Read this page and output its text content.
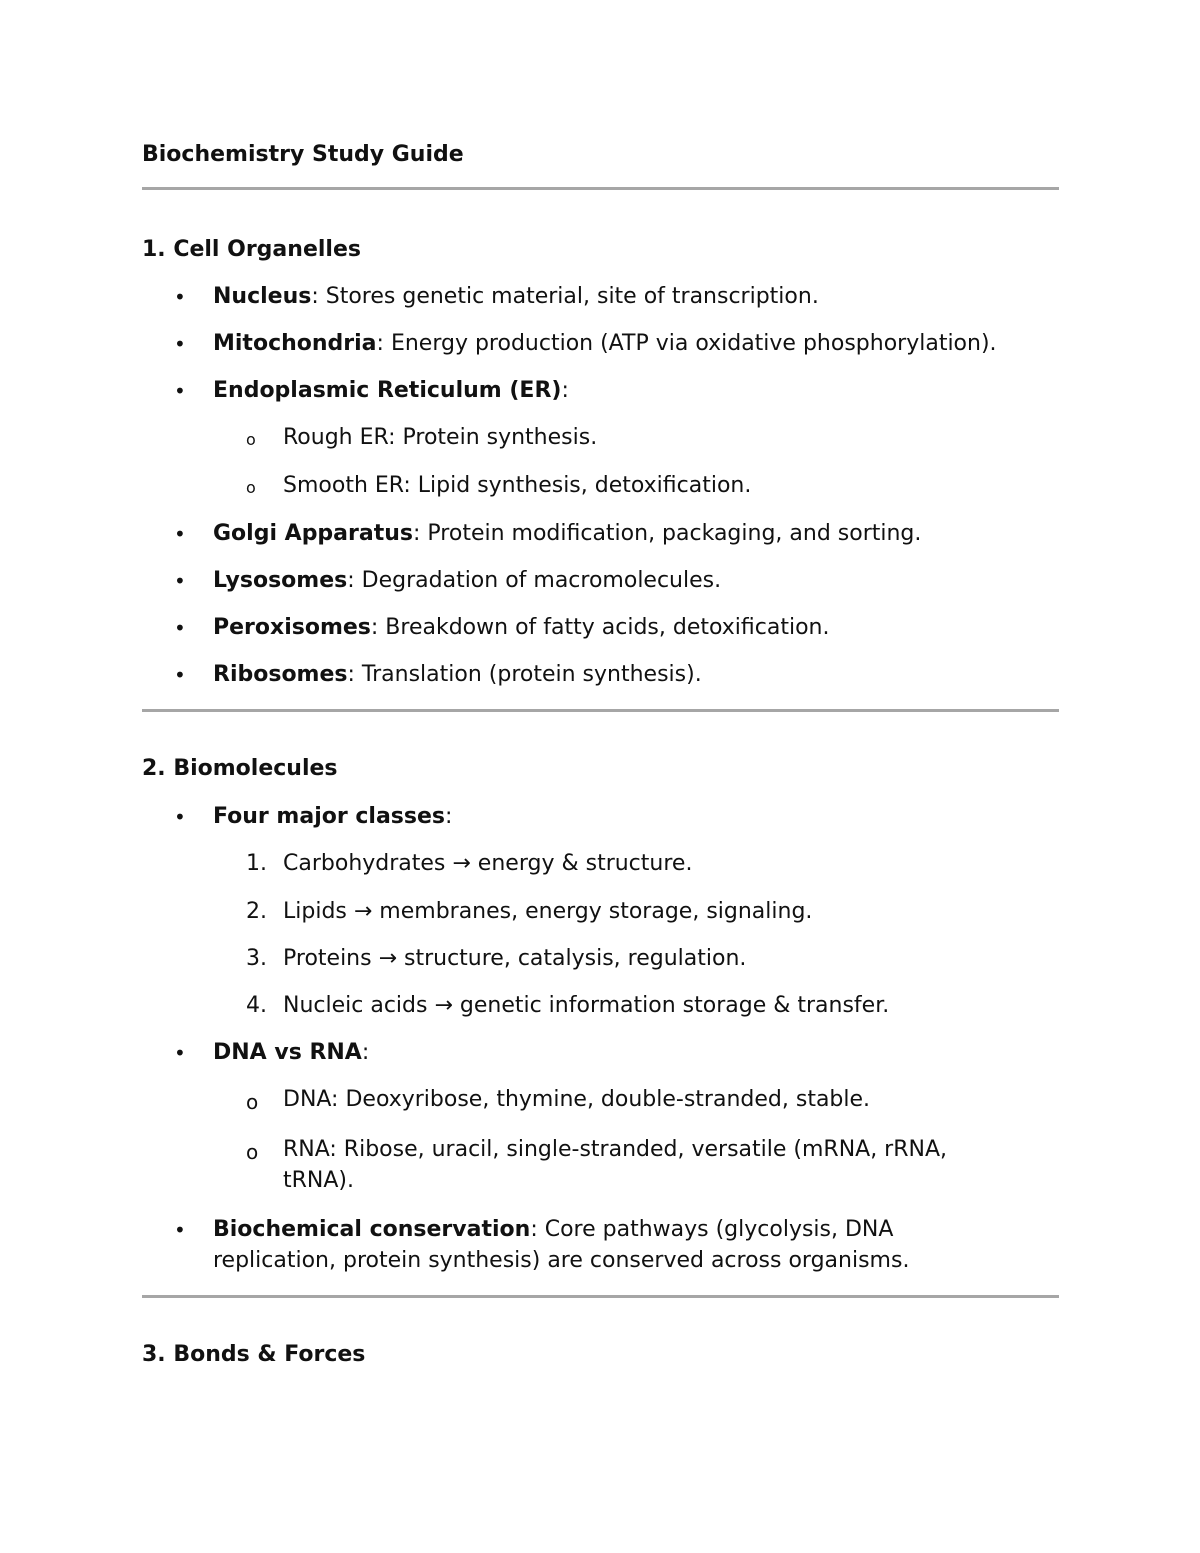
Biochemistry Study Guide
1. Cell Organelles
• Nucleus: Stores genetic material, site of transcription.
• Mitochondria: Energy production (ATP via oxidative phosphorylation).
• Endoplasmic Reticulum (ER):
o Rough ER: Protein synthesis.
o Smooth ER: Lipid synthesis, detoxification.
• Golgi Apparatus: Protein modification, packaging, and sorting.
• Lysosomes: Degradation of macromolecules.
• Peroxisomes: Breakdown of fatty acids, detoxification.
• Ribosomes: Translation (protein synthesis).
2. Biomolecules
• Four major classes:
1. Carbohydrates → energy & structure.
2. Lipids → membranes, energy storage, signaling.
3. Proteins → structure, catalysis, regulation.
4. Nucleic acids → genetic information storage & transfer.
• DNA vs RNA:
o DNA: Deoxyribose, thymine, double-stranded, stable.
o RNA: Ribose, uracil, single-stranded, versatile (mRNA, rRNA,
tRNA).
• Biochemical conservation: Core pathways (glycolysis, DNA
replication, protein synthesis) are conserved across organisms.
3. Bonds & Forces
